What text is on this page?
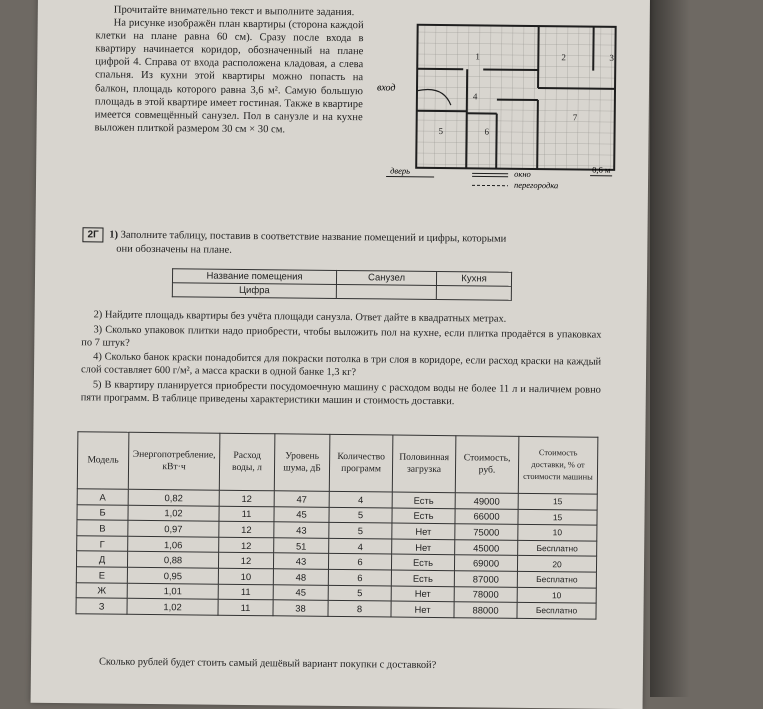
Прочитайте внимательно текст и выполните задания.

На рисунке изображён план квартиры (сторона каждой клетки на плане равна 60 см). Сразу после входа в квартиру начинается коридор, обозначенный на плане цифрой 4. Справа от входа расположена кладовая, а слева спальня. Из кухни этой квартиры можно попасть на балкон, площадь которого равна 3,6 м². Самую большую площадь в этой квартире имеет гостиная. Также в квартире имеется совмещённый санузел. Пол в санузле и на кухне выложен плиткой размером 30 см × 30 см.

вход
1	2	3
4
5	6
7
дверь	окно
перегородка
0,6 м
2Г 1) Заполните таблицу, поставив в соответствие название помещений и цифры, которыми
они обозначены на плане.
Название помещения	Санузел	Кухня
Цифра		

2) Найдите площадь квартиры без учёта площади санузла. Ответ дайте в квадратных метрах.

3) Сколько упаковок плитки надо приобрести, чтобы выложить пол на кухне, если плитка продаётся в упаковках по 7 штук?

4) Сколько банок краски понадобится для покраски потолка в три слоя в коридоре, если расход краски на каждый слой составляет 600 г/м², а масса краски в одной банке 1,3 кг?

5) В квартиру планируется приобрести посудомоечную машину с расходом воды не более 11 л и наличием ровно пяти программ. В таблице приведены характеристики машин и стоимость доставки.

Модель	Энергопотребление, кВт·ч	Расход воды, л	Уровень шума, дБ	Количество программ	Половинная загрузка	Стоимость, руб.	Стоимость доставки, % от стоимости машины
А	0,82	12	47	4	Есть	49000	15
Б	1,02	11	45	5	Есть	66000	15
В	0,97	12	43	5	Нет	75000	10
Г	1,06	12	51	4	Нет	45000	Бесплатно
Д	0,88	12	43	6	Есть	69000	20
Е	0,95	10	48	6	Есть	87000	Бесплатно
Ж	1,01	11	45	5	Нет	78000	10
З	1,02	11	38	8	Нет	88000	Бесплатно
Сколько рублей будет стоить самый дешёвый вариант покупки с доставкой?
